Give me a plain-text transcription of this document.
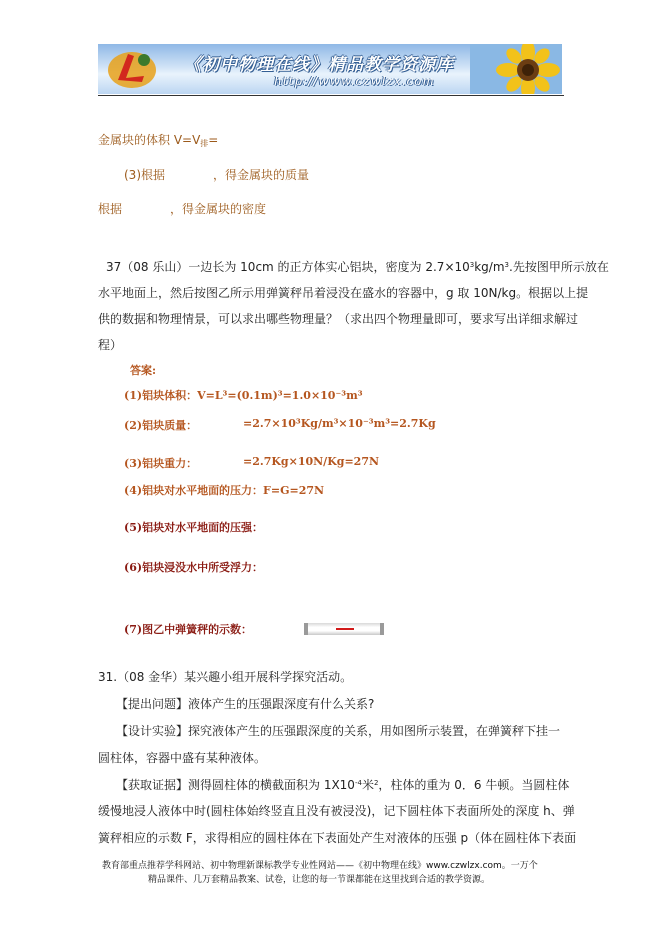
《初中物理在线》精品教学资源库
http://www.czwlzx.com
金属块的体积 $V=V_排=$
(3)根据　　　　，得金属块的质量
根据　　　　，得金属块的密度
37（08 乐山）一边长为 10cm 的正方体实心铝块，密度为 $2.7\times 10^3kg/m^3$.先按图甲所示放在
水平地面上，然后按图乙所示用弹簧秤吊着浸没在盛水的容器中，g 取 10N/kg。根据以上提
供的数据和物理情景，可以求出哪些物理量？（求出四个物理量即可，要求写出详细求解过
程）
答案:
(1)铝块体积：V=L³=(0.1m)³=1.0×10⁻³m³
(2)铝块质量：	=2.7×10³Kg/m³×10⁻³m³=2.7Kg
(3)铝块重力：	=2.7Kg×10N/Kg=27N
(4)铝块对水平地面的压力：F=G=27N
(5)铝块对水平地面的压强：
(6)铝块浸没水中所受浮力：
(7)图乙中弹簧秤的示数：
31.（08 金华）某兴趣小组开展科学探究活动。
【提出问题】液体产生的压强跟深度有什么关系?
【设计实验】探究液体产生的压强跟深度的关系，用如图所示装置，在弹簧秤下挂一
圆柱体，容器中盛有某种液体。
【获取证据】测得圆柱体的横截面积为 $1X10^{-4}$米$^2$，柱体的重为 0．6 牛顿。当圆柱体
缓慢地浸人液体中时(圆柱体始终竖直且没有被浸没)，记下圆柱体下表面所处的深度 h、弹
簧秤相应的示数 F，求得相应的圆柱体在下表面处产生对液体的压强 p（体在圆柱体下表面
教育部重点推荐学科网站、初中物理新课标教学专业性网站——《初中物理在线》www.czwlzx.com。一万个
精品课件、几万套精品教案、试卷，让您的每一节课都能在这里找到合适的教学资源。
